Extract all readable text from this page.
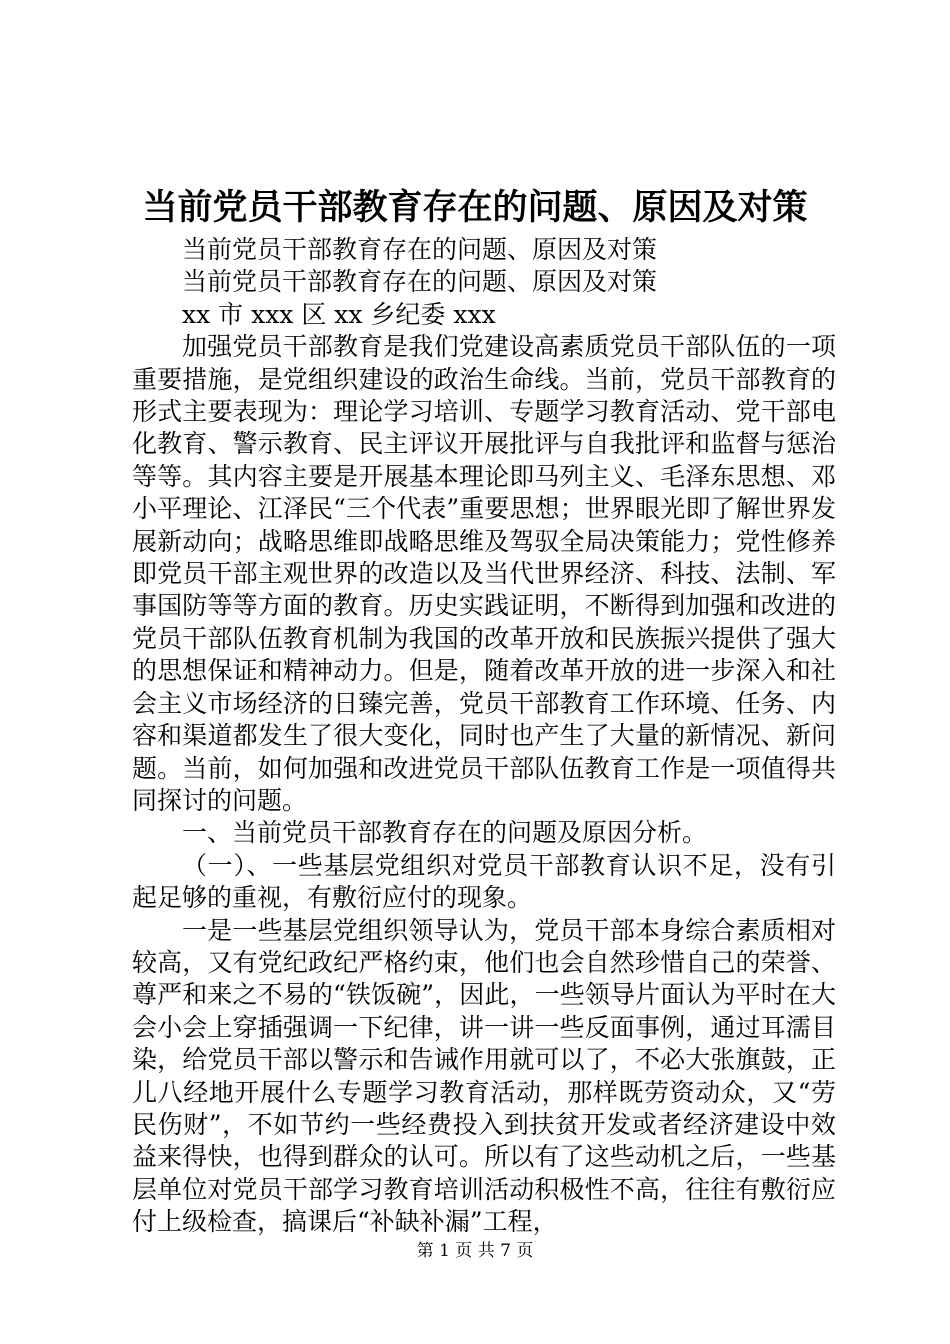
当前党员干部教育存在的问题、原因及对策

当前党员干部教育存在的问题、原因及对策

当前党员干部教育存在的问题、原因及对策

xx 市 xxx 区 xx 乡纪委 xxx

加强党员干部教育是我们党建设高素质党员干部队伍的一项重要措施，是党组织建设的政治生命线。当前，党员干部教育的形式主要表现为：理论学习培训、专题学习教育活动、党干部电化教育、警示教育、民主评议开展批评与自我批评和监督与惩治等等。其内容主要是开展基本理论即马列主义、毛泽东思想、邓小平理论、江泽民“三个代表”重要思想；世界眼光即了解世界发展新动向；战略思维即战略思维及驾驭全局决策能力；党性修养即党员干部主观世界的改造以及当代世界经济、科技、法制、军事国防等等方面的教育。历史实践证明，不断得到加强和改进的党员干部队伍教育机制为我国的改革开放和民族振兴提供了强大的思想保证和精神动力。但是，随着改革开放的进一步深入和社会主义市场经济的日臻完善，党员干部教育工作环境、任务、内容和渠道都发生了很大变化，同时也产生了大量的新情况、新问题。当前，如何加强和改进党员干部队伍教育工作是一项值得共同探讨的问题。

一、当前党员干部教育存在的问题及原因分析。

（一）、一些基层党组织对党员干部教育认识不足，没有引起足够的重视，有敷衍应付的现象。

一是一些基层党组织领导认为，党员干部本身综合素质相对较高，又有党纪政纪严格约束，他们也会自然珍惜自己的荣誉、尊严和来之不易的“铁饭碗”，因此，一些领导片面认为平时在大会小会上穿插强调一下纪律，讲一讲一些反面事例，通过耳濡目染，给党员干部以警示和告诫作用就可以了，不必大张旗鼓，正儿八经地开展什么专题学习教育活动，那样既劳资动众，又“劳民伤财”，不如节约一些经费投入到扶贫开发或者经济建设中效益来得快，也得到群众的认可。所以有了这些动机之后，一些基层单位对党员干部学习教育培训活动积极性不高，往往有敷衍应付上级检查，搞课后“补缺补漏”工程，

第 1 页 共 7 页
